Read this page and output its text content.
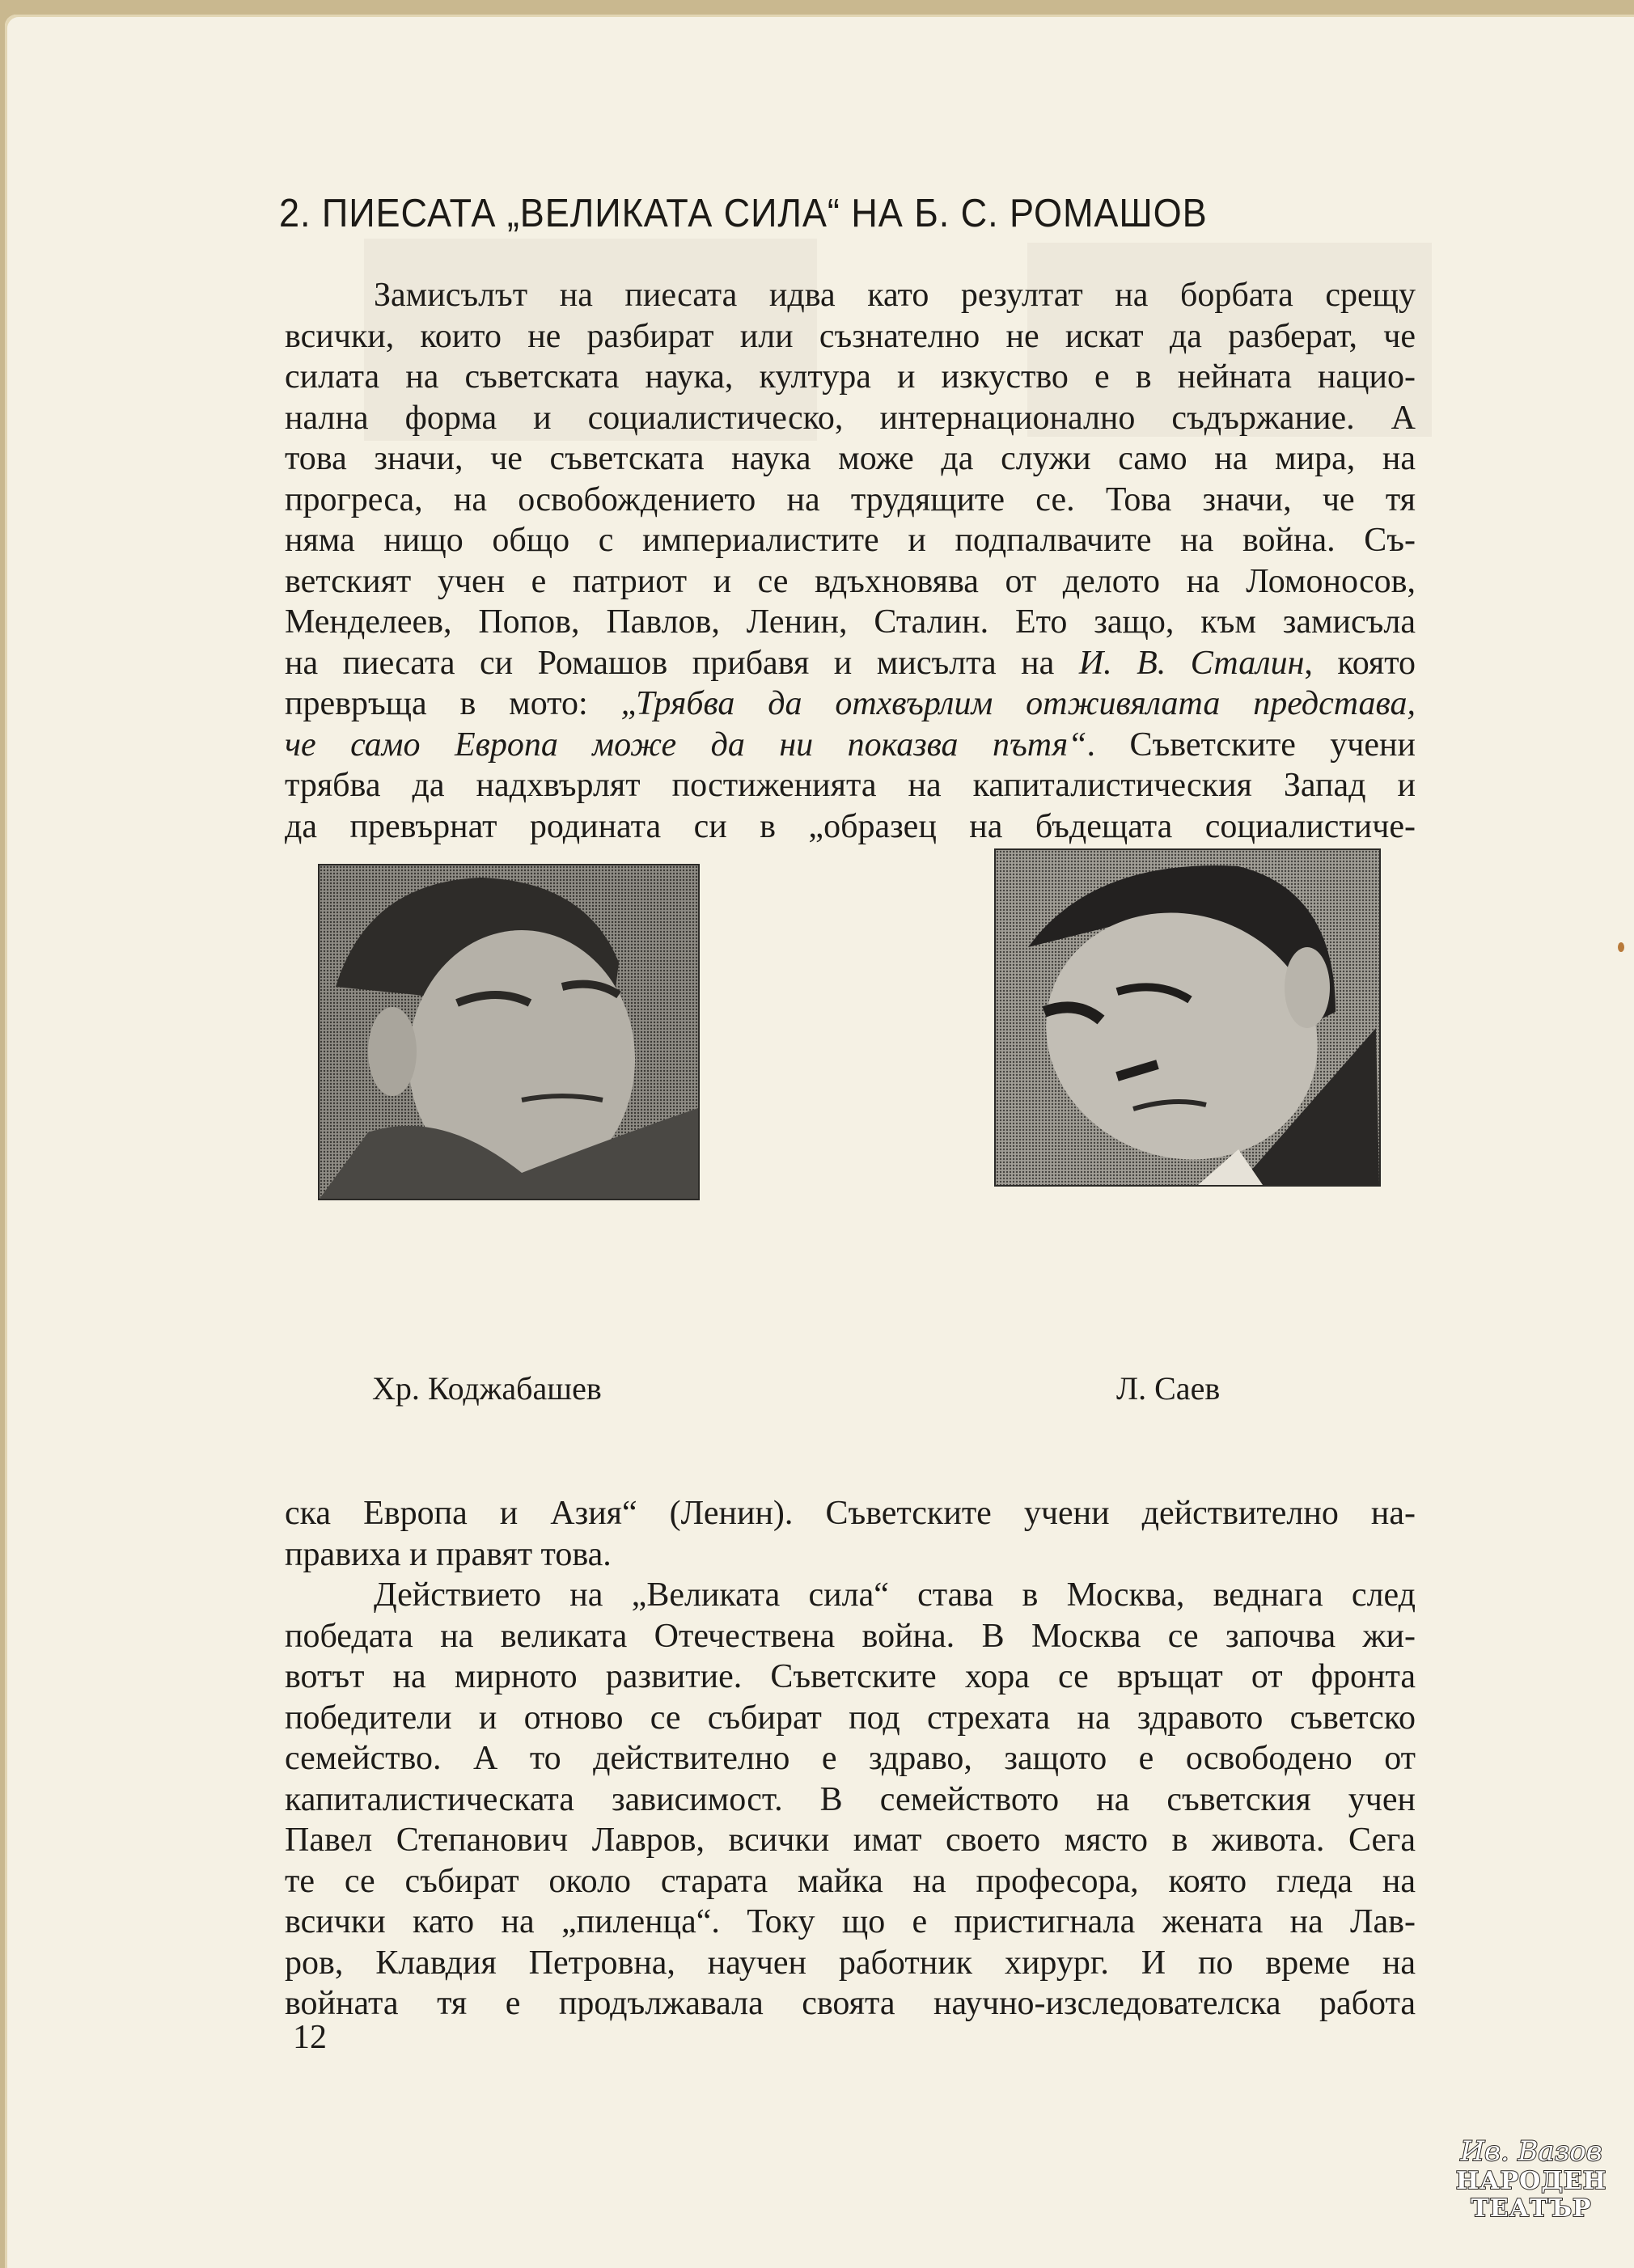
2. ПИЕСАТА „ВЕЛИКАТА СИЛА“ НА Б. С. РОМАШОВ
Замисълът на пиесата идва като резултат на борбата срещу
всички, които не разбират или съзнателно не искат да разберат, че
силата на съветската наука, култура и изкуство е в нейната нацио-
нална форма и социалистическо, интернационално съдържание. А
това значи, че съветската наука може да служи само на мира, на
прогреса, на освобождението на трудящите се. Това значи, че тя
няма нищо общо с империалистите и подпалвачите на война. Съ-
ветският учен е патриот и се вдъхновява от делото на Ломоносов,
Менделеев, Попов, Павлов, Ленин, Сталин. Ето защо, към замисъла
на пиесата си Ромашов прибавя и мисълта на И. В. Сталин, която
превръща в мото: „Трябва да отхвърлим отживялата представа,
че само Европа може да ни показва пътя“. Съветските учени
трябва да надхвърлят постиженията на капиталистическия Запад и
да превърнат родината си в „образец на бъдещата социалистиче-
Хр. Коджабашев	Л. Саев
ска Европа и Азия“ (Ленин). Съветските учени действително на-
правиха и правят това.
Действието на „Великата сила“ става в Москва, веднага след
победата на великата Отечествена война. В Москва се започва жи-
вотът на мирното развитие. Съветските хора се връщат от фронта
победители и отново се събират под стрехата на здравото съветско
семейство. А то действително е здраво, защото е освободено от
капиталистическата зависимост. В семейството на съветския учен
Павел Степанович Лавров, всички имат своето място в живота. Сега
те се събират около старата майка на професора, която гледа на
всички като на „пиленца“. Току що е пристигнала жената на Лав-
ров, Клавдия Петровна, научен работник хирург. И по време на
войната тя е продължавала своята научно-изследователска работа
12
Ив. Вазов
НАРОДЕН
ТЕАТЪР
